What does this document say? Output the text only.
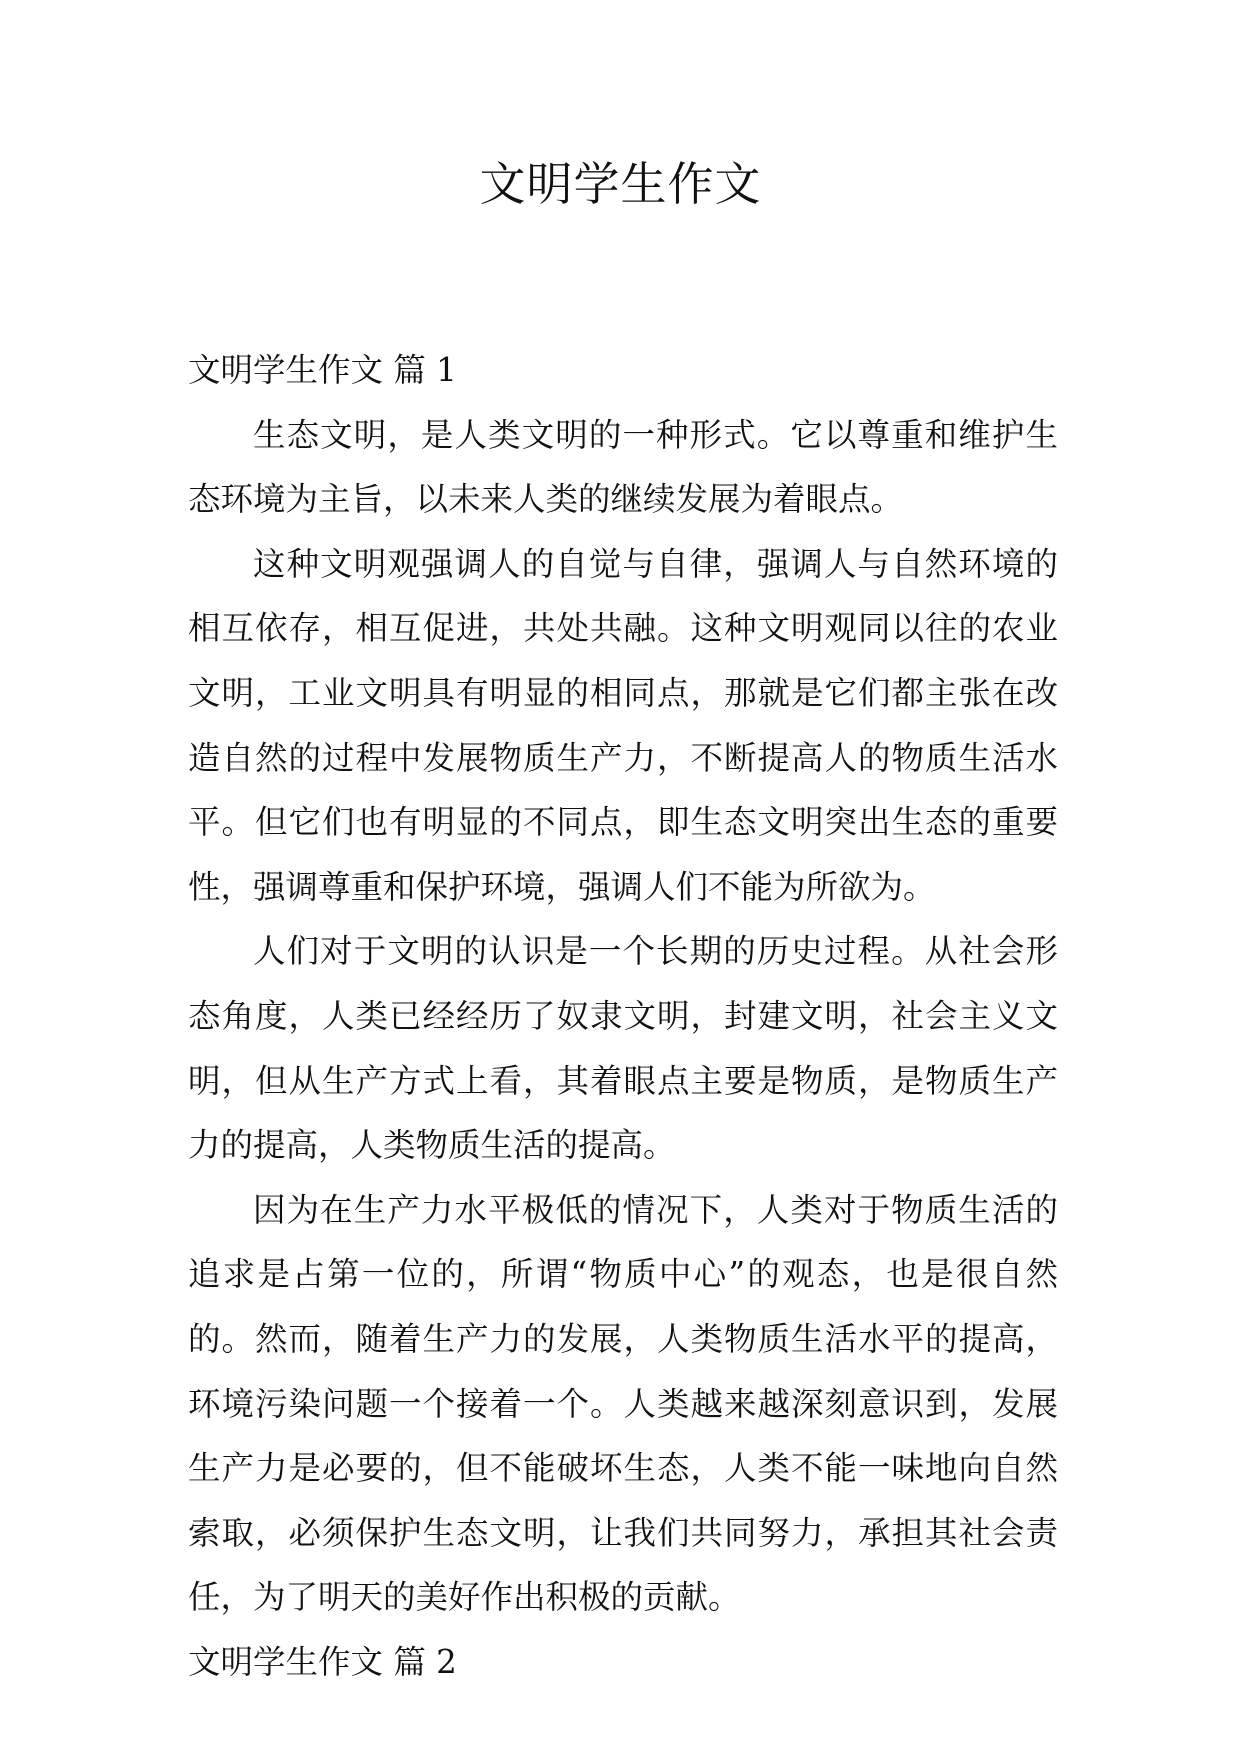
文明学生作文
文明学生作文 篇 1

生态文明，是人类文明的一种形式。它以尊重和维护生态环境为主旨，以未来人类的继续发展为着眼点。

这种文明观强调人的自觉与自律，强调人与自然环境的相互依存，相互促进，共处共融。这种文明观同以往的农业文明，工业文明具有明显的相同点，那就是它们都主张在改造自然的过程中发展物质生产力，不断提高人的物质生活水平。但它们也有明显的不同点，即生态文明突出生态的重要性，强调尊重和保护环境，强调人们不能为所欲为。

人们对于文明的认识是一个长期的历史过程。从社会形态角度，人类已经经历了奴隶文明，封建文明，社会主义文明，但从生产方式上看，其着眼点主要是物质，是物质生产力的提高，人类物质生活的提高。

因为在生产力水平极低的情况下，人类对于物质生活的追求是占第一位的，所谓“物质中心”的观态，也是很自然的。然而，随着生产力的发展，人类物质生活水平的提高，环境污染问题一个接着一个。人类越来越深刻意识到，发展生产力是必要的，但不能破坏生态，人类不能一味地向自然索取，必须保护生态文明，让我们共同努力，承担其社会责任，为了明天的美好作出积极的贡献。

文明学生作文 篇 2
